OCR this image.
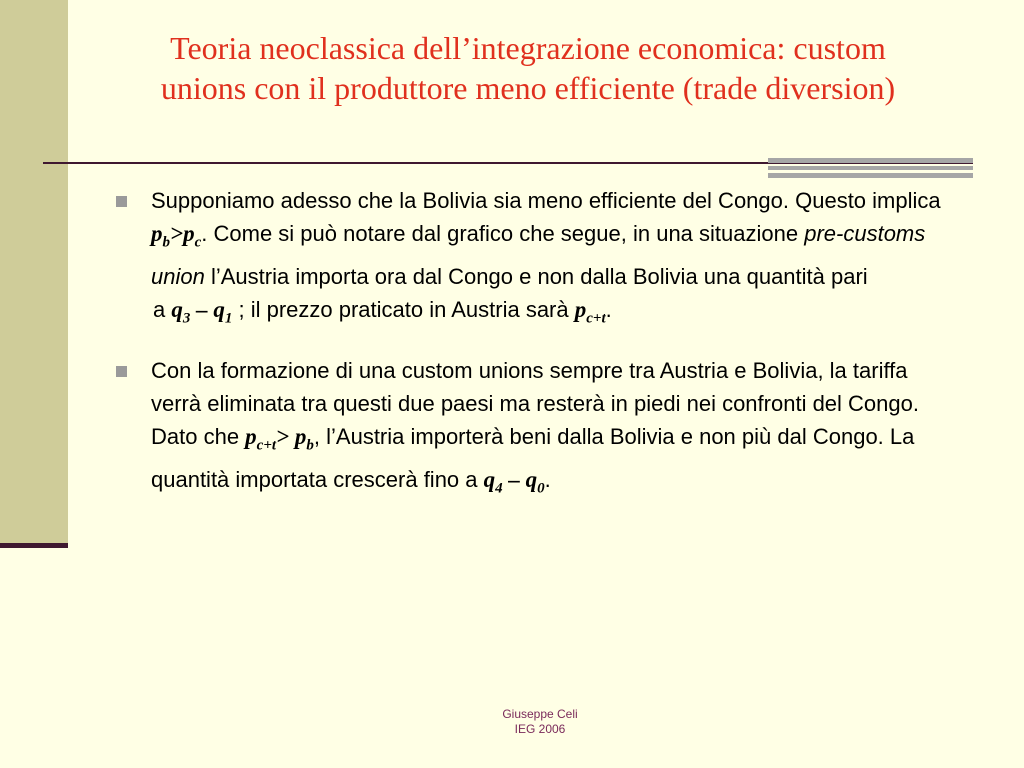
Teoria neoclassica dell’integrazione economica: custom
unions con il produttore meno efficiente (trade diversion)
Supponiamo adesso che la Bolivia sia meno efficiente del Congo. Questo implica $p_b>p_c$. Come si può notare dal grafico che segue, in una situazione pre-customs union l’Austria importa ora dal Congo e non dalla Bolivia una quantità pari
a $q_3 - q_1$ ; il prezzo praticato in Austria sarà $p_{c+t}$.
Con la formazione di una custom unions sempre tra Austria e Bolivia, la tariffa verrà eliminata tra questi due paesi ma resterà in piedi nei confronti del Congo. Dato che $p_{c+t}> p_b$, l’Austria importerà beni dalla Bolivia e non più dal Congo. La quantità importata crescerà fino a $q_4 - q_0$.
Giuseppe Celi
IEG 2006
